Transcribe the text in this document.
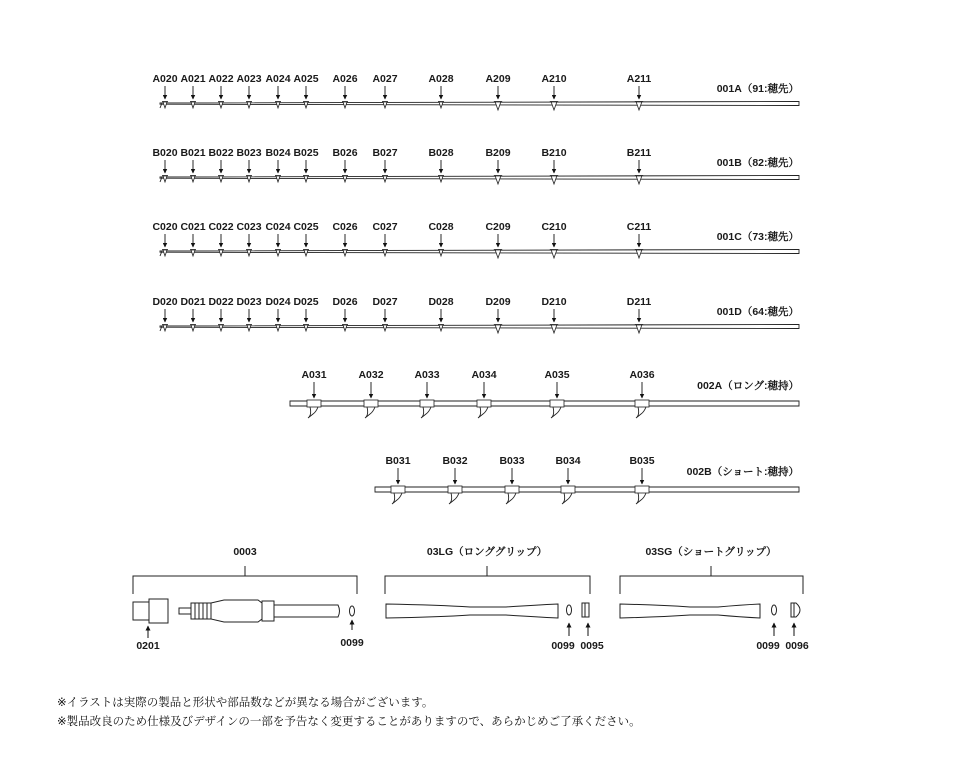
001A（91:穂先）
A020 A021 A022 A023 A024 A025 A026 A027	A028	A209	A210	A211
001B（82:穂先）
B020 B021 B022 B023 B024 B025 B026 B027	B028	B209	B210	B211
001C（73:穂先）
C020 C021 C022 C023 C024 C025 C026 C027	C028	C209	C210	C211
001D（64:穂先）
D020 D021 D022 D023 D024 D025 D026 D027	D028	D209	D210	D211
002A（ロング:穂持）
A031	A032	A033	A034	A035	A036
002B（ショート:穂持）
B031	B032	B033	B034	B035
0003
0201	0099
03LG（ロンググリップ）
0099 0095
03SG（ショートグリップ）
0099 0096
※イラストは実際の製品と形状や部品数などが異なる場合がございます。
※製品改良のため仕様及びデザインの一部を予告なく変更することがありますので、あらかじめご了承ください。
